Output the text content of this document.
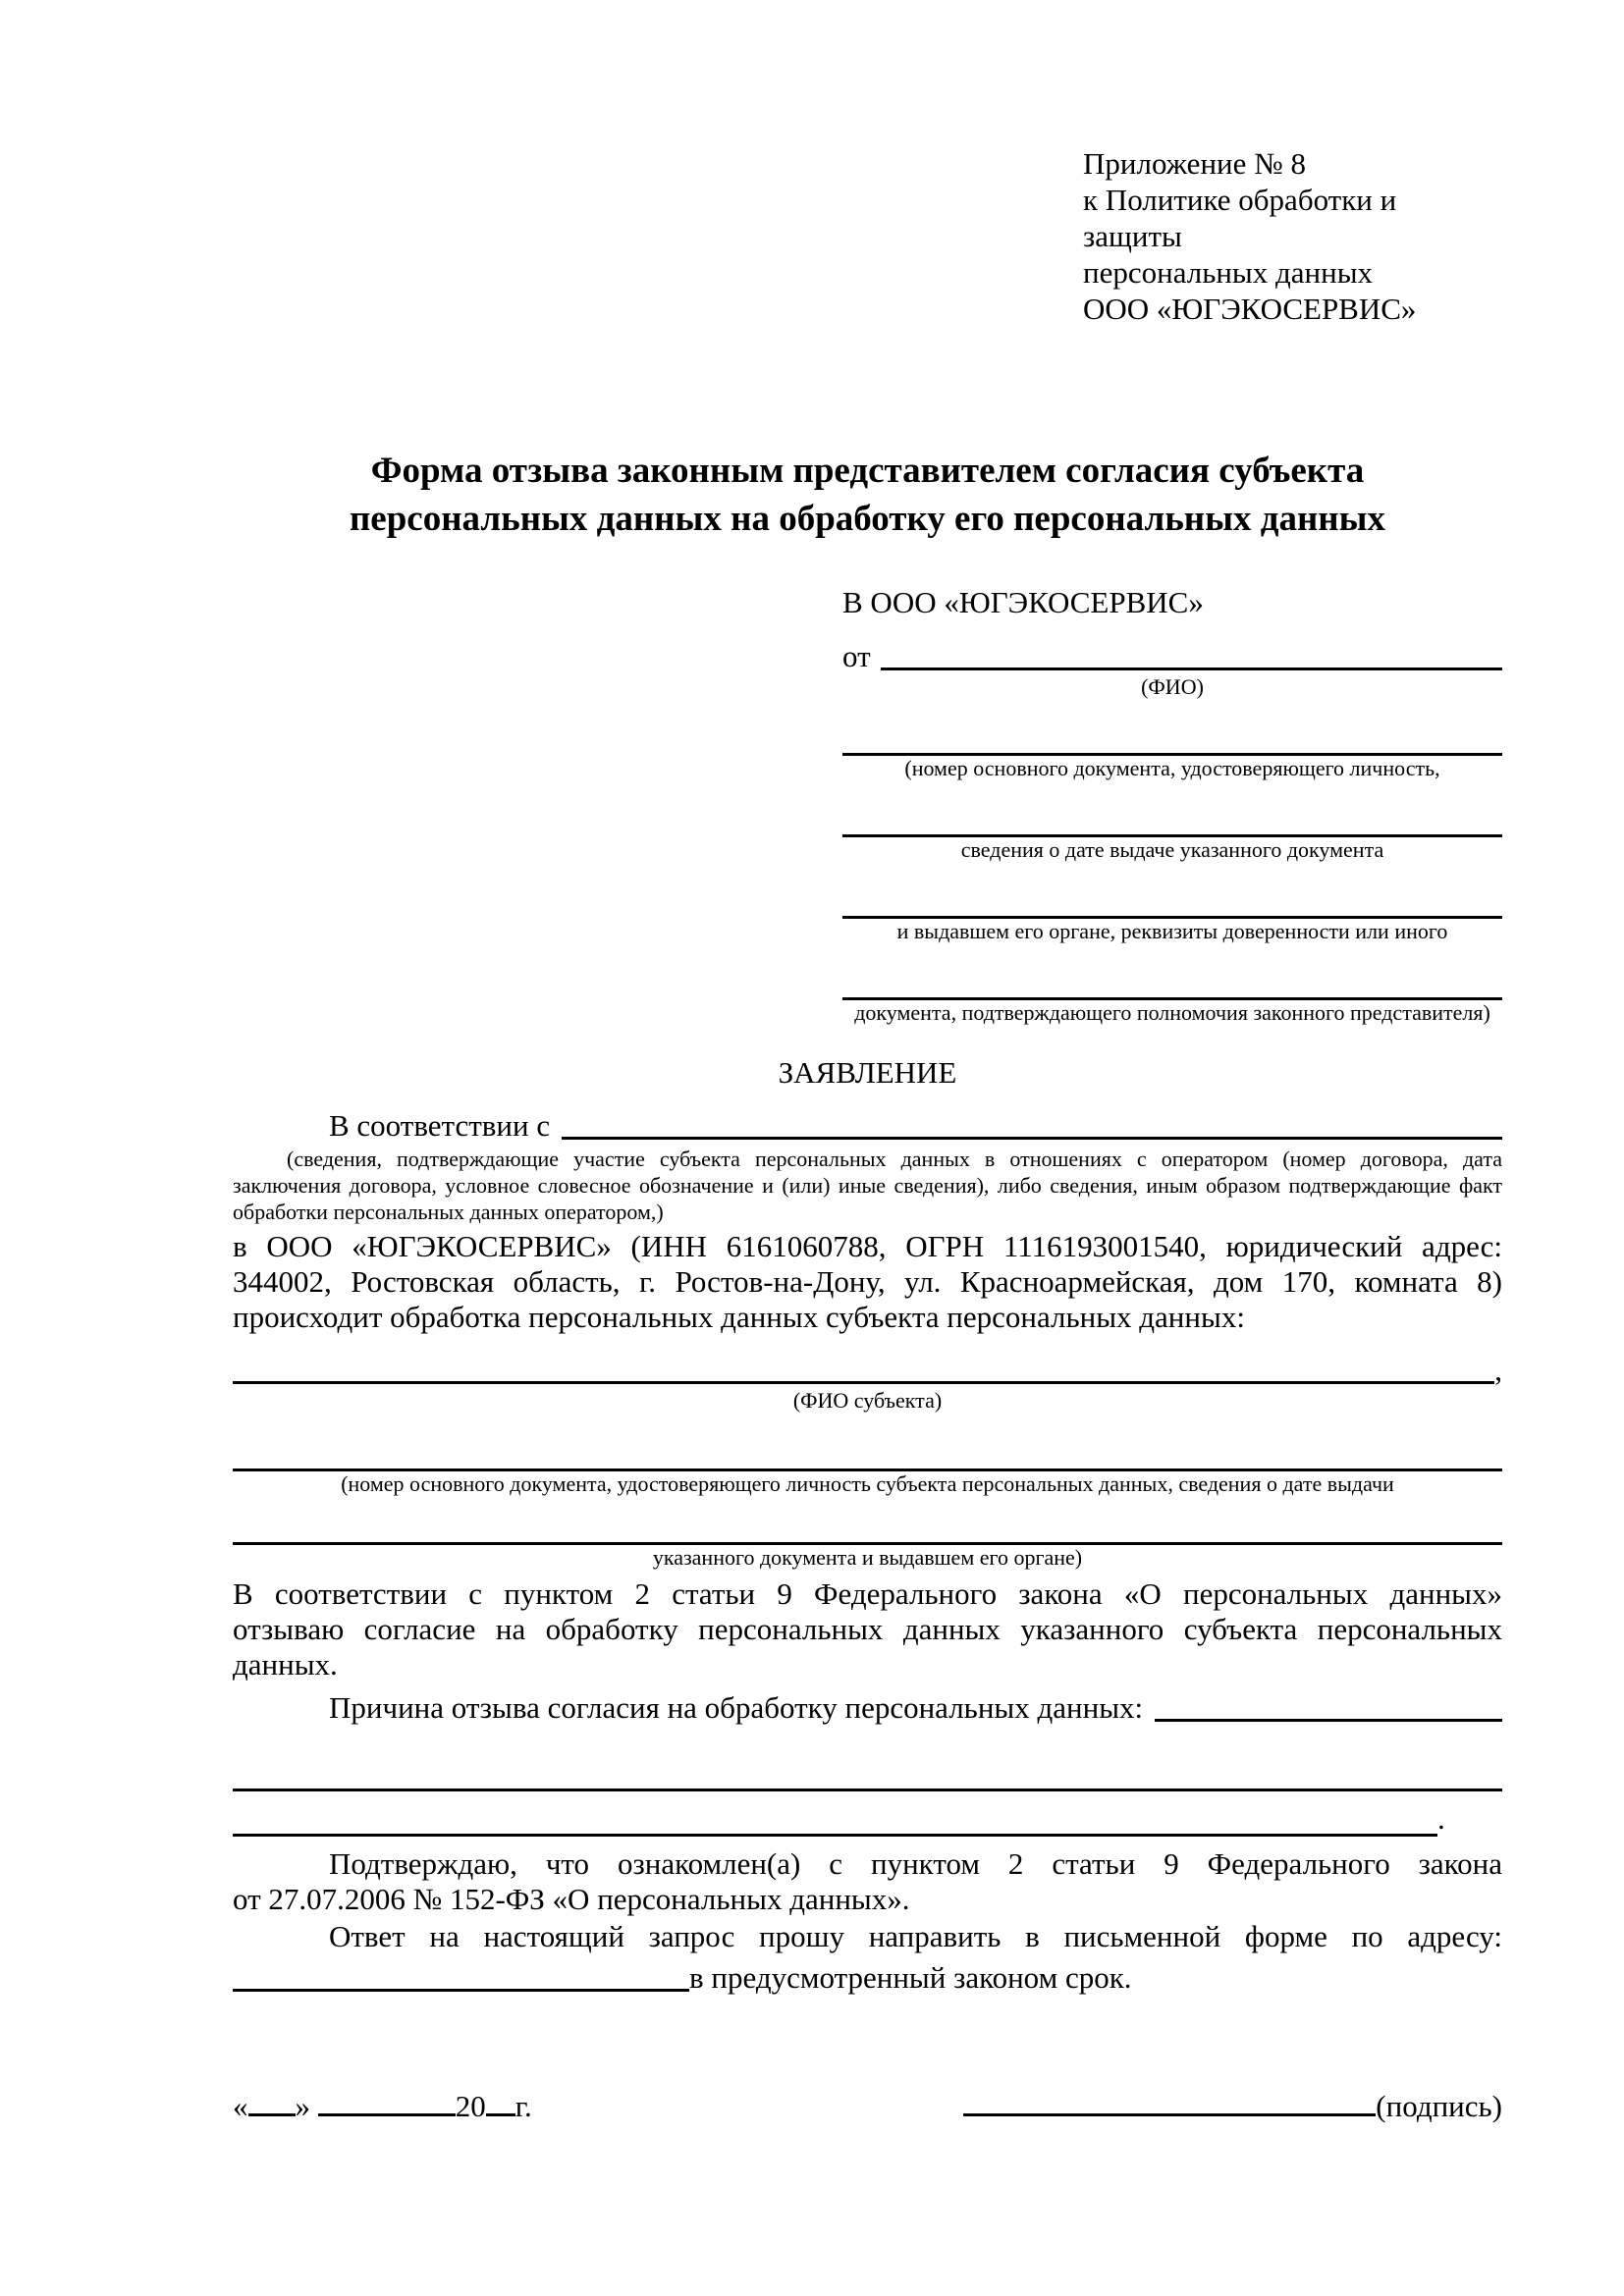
Приложение № 8
к Политике обработки и защиты
персональных данных
ООО «ЮГЭКОСЕРВИС»
Форма отзыва законным представителем согласия субъекта
персональных данных на обработку его персональных данных
В ООО «ЮГЭКОСЕРВИС»
от
(ФИО)
(номер основного документа, удостоверяющего личность,
сведения о дате выдаче указанного документа
и выдавшем его органе, реквизиты доверенности или иного
документа, подтверждающего полномочия законного представителя)
ЗАЯВЛЕНИЕ
В соответствии с
(сведения, подтверждающие участие субъекта персональных данных в отношениях с оператором (номер договора, дата
заключения договора, условное словесное обозначение и (или) иные сведения), либо сведения, иным образом подтверждающие факт
обработки персональных данных оператором,)
в ООО «ЮГЭКОСЕРВИС» (ИНН 6161060788, ОГРН 1116193001540, юридический адрес:
344002, Ростовская область, г. Ростов-на-Дону, ул. Красноармейская, дом 170, комната 8)
происходит обработка персональных данных субъекта персональных данных:
,
(ФИО субъекта)
(номер основного документа, удостоверяющего личность субъекта персональных данных, сведения о дате выдачи
указанного документа и выдавшем его органе)
В соответствии с пунктом 2 статьи 9 Федерального закона «О персональных данных»
отзываю согласие на обработку персональных данных указанного субъекта персональных
данных.
Причина отзыва согласия на обработку персональных данных:
.
Подтверждаю, что ознакомлен(а) с пунктом 2 статьи 9 Федерального закона
от 27.07.2006 № 152-ФЗ «О персональных данных».
Ответ на настоящий запрос прошу направить в письменной форме по адресу:
в предусмотренный законом срок.
« »	20 г.	(подпись)
